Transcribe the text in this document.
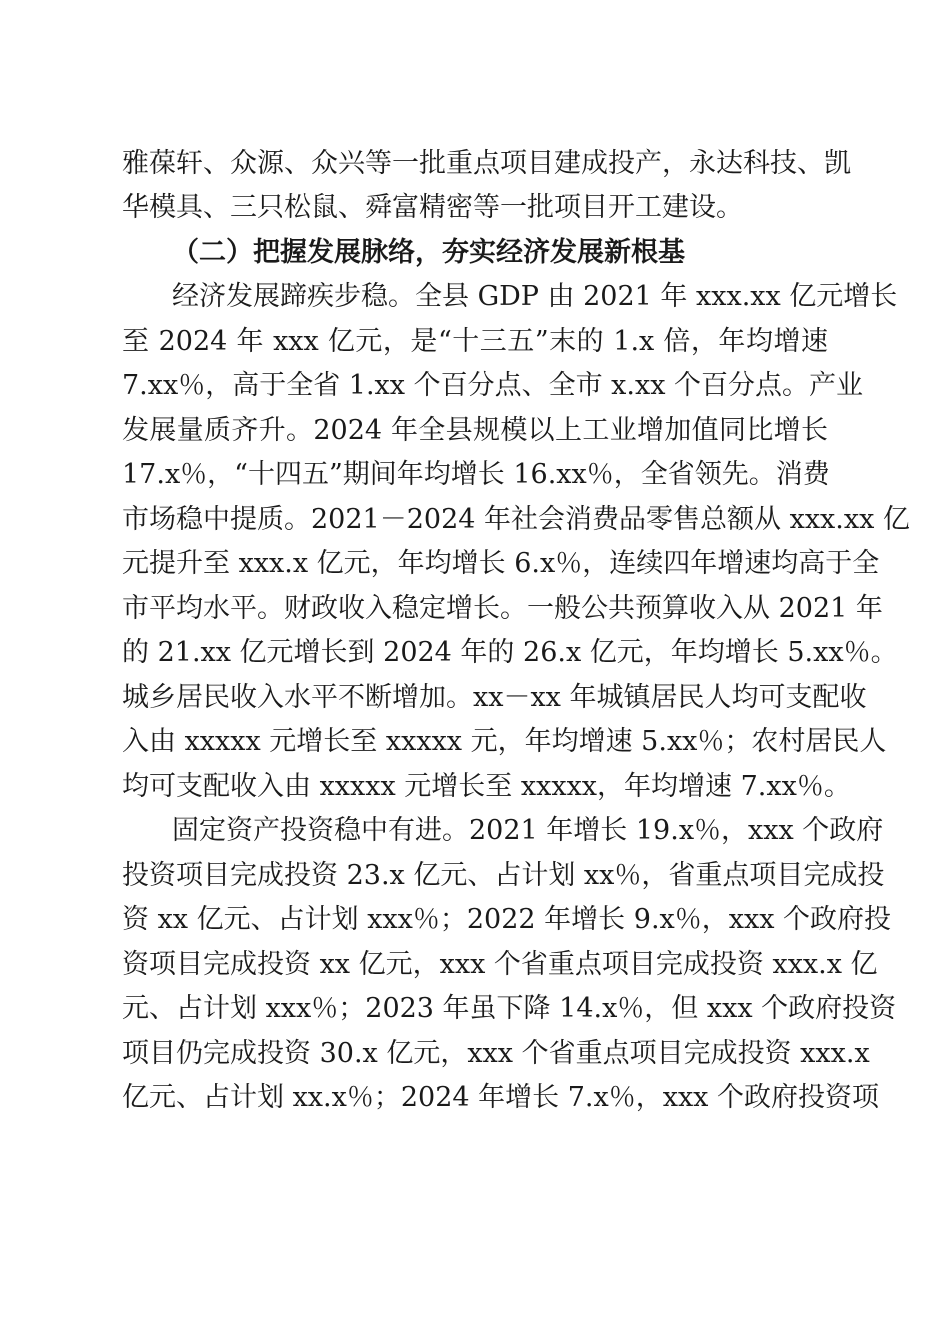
雅葆轩、众源、众兴等一批重点项目建成投产，永达科技、凯
华模具、三只松鼠、舜富精密等一批项目开工建设。
（二）把握发展脉络，夯实经济发展新根基
经济发展蹄疾步稳。全县 GDP 由 2021 年 xxx.xx 亿元增长
至 2024 年 xxx 亿元，是“十三五”末的 1.x 倍，年均增速
7.xx％，高于全省 1.xx 个百分点、全市 x.xx 个百分点。产业
发展量质齐升。2024 年全县规模以上工业增加值同比增长
17.x％，“十四五”期间年均增长 16.xx％，全省领先。消费
市场稳中提质。2021－2024 年社会消费品零售总额从 xxx.xx 亿
元提升至 xxx.x 亿元，年均增长 6.x％，连续四年增速均高于全
市平均水平。财政收入稳定增长。一般公共预算收入从 2021 年
的 21.xx 亿元增长到 2024 年的 26.x 亿元，年均增长 5.xx％。
城乡居民收入水平不断增加。xx－xx 年城镇居民人均可支配收
入由 xxxxx 元增长至 xxxxx 元，年均增速 5.xx％；农村居民人
均可支配收入由 xxxxx 元增长至 xxxxx，年均增速 7.xx％。
固定资产投资稳中有进。2021 年增长 19.x％，xxx 个政府
投资项目完成投资 23.x 亿元、占计划 xx％，省重点项目完成投
资 xx 亿元、占计划 xxx％；2022 年增长 9.x％，xxx 个政府投
资项目完成投资 xx 亿元，xxx 个省重点项目完成投资 xxx.x 亿
元、占计划 xxx％；2023 年虽下降 14.x％，但 xxx 个政府投资
项目仍完成投资 30.x 亿元，xxx 个省重点项目完成投资 xxx.x
亿元、占计划 xx.x％；2024 年增长 7.x％，xxx 个政府投资项
